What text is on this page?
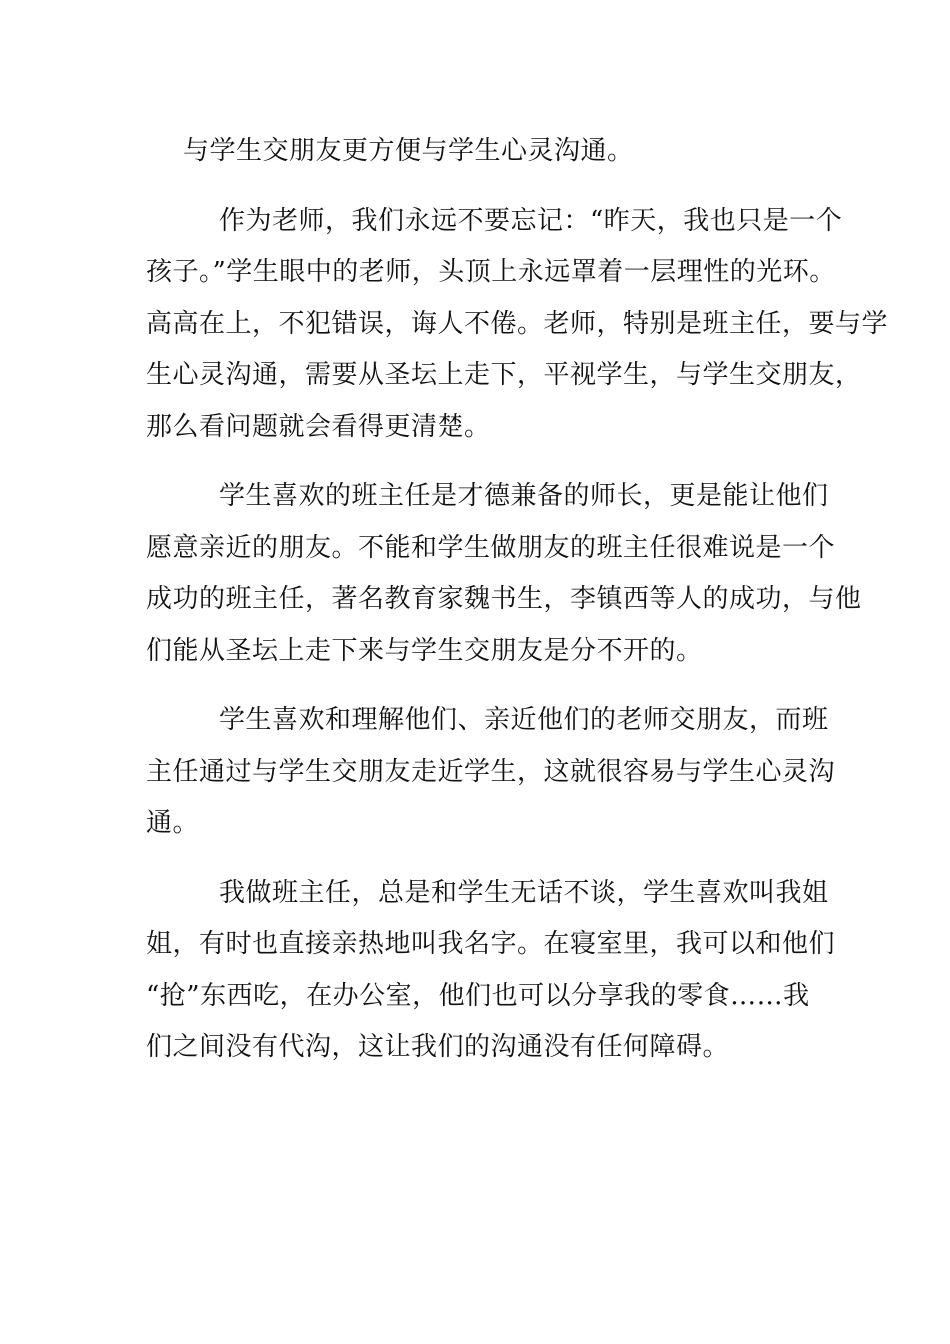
与学生交朋友更方便与学生心灵沟通。

作为老师，我们永远不要忘记：“昨天，我也只是一个
孩子。”学生眼中的老师，头顶上永远罩着一层理性的光环。
高高在上，不犯错误，诲人不倦。老师，特别是班主任，要与学
生心灵沟通，需要从圣坛上走下，平视学生，与学生交朋友，
那么看问题就会看得更清楚。

学生喜欢的班主任是才德兼备的师长，更是能让他们
愿意亲近的朋友。不能和学生做朋友的班主任很难说是一个
成功的班主任，著名教育家魏书生，李镇西等人的成功，与他
们能从圣坛上走下来与学生交朋友是分不开的。

学生喜欢和理解他们、亲近他们的老师交朋友，而班
主任通过与学生交朋友走近学生，这就很容易与学生心灵沟
通。

我做班主任，总是和学生无话不谈，学生喜欢叫我姐
姐，有时也直接亲热地叫我名字。在寝室里，我可以和他们
“抢”东西吃，在办公室，他们也可以分享我的零食……我
们之间没有代沟，这让我们的沟通没有任何障碍。
